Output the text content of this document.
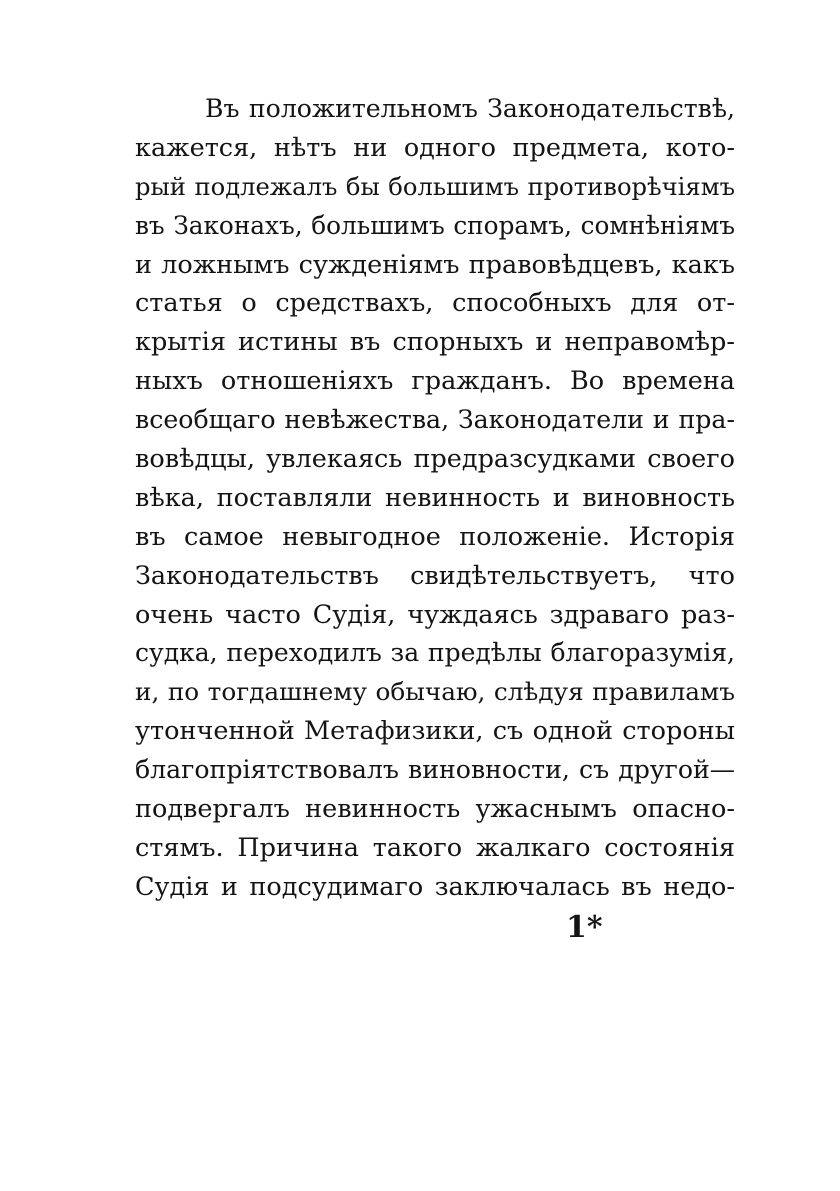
Въ положительномъ Законодательствѣ,
кажется, нѣтъ ни одного предмета, кото-
рый подлежалъ бы большимъ противорѣчіямъ
въ Законахъ, большимъ спорамъ, сомнѣніямъ
и ложнымъ сужденіямъ правовѣдцевъ, какъ
статья о средствахъ, способныхъ для от-
крытія истины въ спорныхъ и неправомѣр-
ныхъ отношеніяхъ гражданъ. Во времена
всеобщаго невѣжества, Законодатели и пра-
вовѣдцы, увлекаясь предразсудками своего
вѣка, поставляли невинность и виновность
въ самое невыгодное положеніе. Исторія
Законодательствъ свидѣтельствуетъ, что
очень часто Судія, чуждаясь здраваго раз-
судка, переходилъ за предѣлы благоразумія,
и, по тогдашнему обычаю, слѣдуя правиламъ
утонченной Метафизики, съ одной стороны
благопріятствовалъ виновности, съ другой—
подвергалъ невинность ужаснымъ опасно-
стямъ. Причина такого жалкаго состоянія
Судія и подсудимаго заключалась въ недо-
1*
